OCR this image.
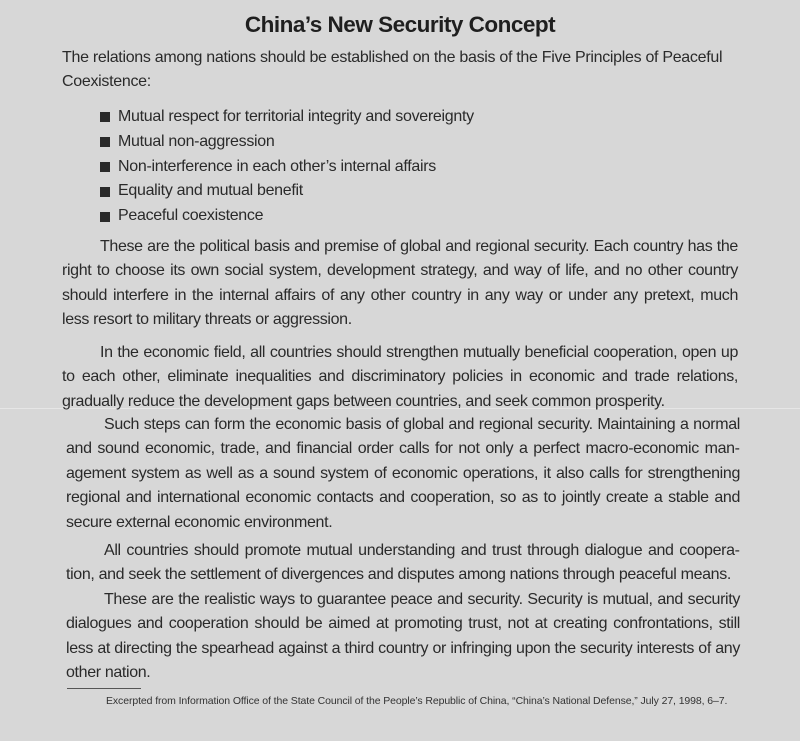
China’s New Security Concept
The relations among nations should be established on the basis of the Five Principles of Peaceful Coexistence:
Mutual respect for territorial integrity and sovereignty
Mutual non-aggression
Non-interference in each other’s internal affairs
Equality and mutual benefit
Peaceful coexistence

These are the political basis and premise of global and regional security. Each country has the right to choose its own social system, development strategy, and way of life, and no other country should interfere in the internal affairs of any other country in any way or under any pretext, much less resort to military threats or aggression.

In the economic field, all countries should strengthen mutually beneficial cooperation, open up to each other, eliminate inequalities and discriminatory policies in economic and trade relations, gradually reduce the development gaps between countries, and seek common prosperity.

Such steps can form the economic basis of global and regional security. Maintaining a normal and sound economic, trade, and financial order calls for not only a perfect macro-economic management system as well as a sound system of economic operations, it also calls for strengthening regional and international economic contacts and cooperation, so as to jointly create a stable and secure external economic environment.

All countries should promote mutual understanding and trust through dialogue and cooperation, and seek the settlement of divergences and disputes among nations through peaceful means.

These are the realistic ways to guarantee peace and security. Security is mutual, and security dialogues and cooperation should be aimed at promoting trust, not at creating confrontations, still less at directing the spearhead against a third country or infringing upon the security interests of any other nation.

Excerpted from Information Office of the State Council of the People’s Republic of China, “China’s National Defense,” July 27, 1998, 6–7.
